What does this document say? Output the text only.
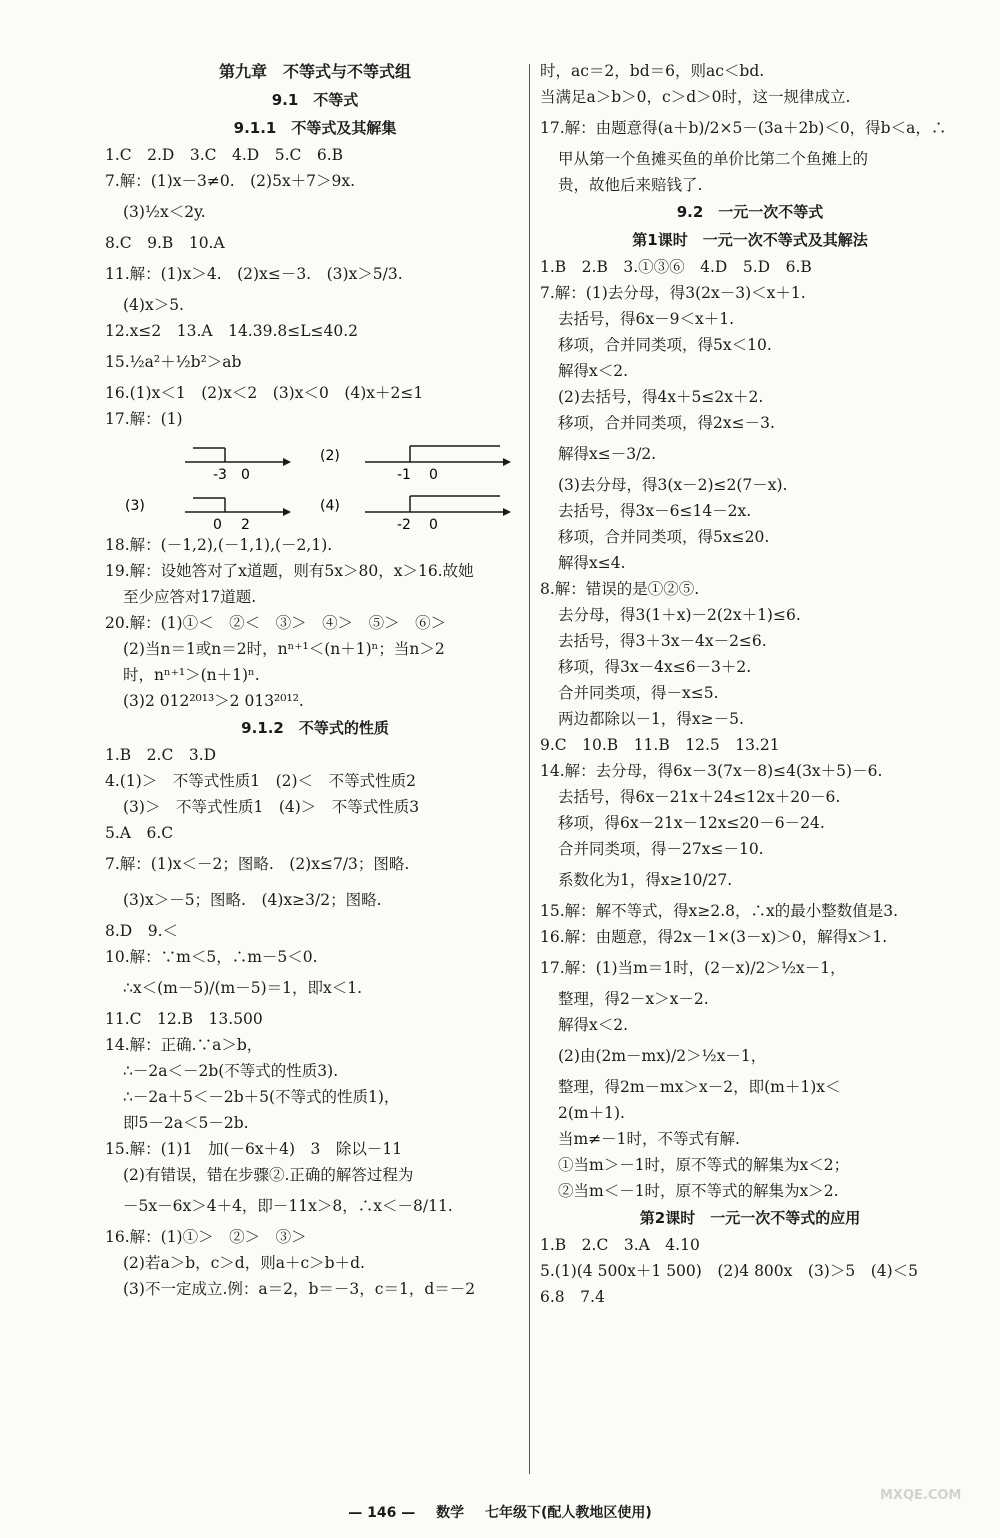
第九章　不等式与不等式组
9.1　不等式
9.1.1　不等式及其解集
1.C　2.D　3.C　4.D　5.C　6.B
7.解：(1)x－3≠0.　(2)5x＋7＞9x.
(3)½x＜2y.
8.C　9.B　10.A
11.解：(1)x＞4.　(2)x≤－3.　(3)x＞5/3.
(4)x＞5.
12.x≤2　13.A　14.39.8≤L≤40.2
15.½a²＋½b²＞ab
16.(1)x＜1　(2)x＜2　(3)x＜0　(4)x＋2≤1
17.解：(1)
-3 0
(2)
-1 0
(3)
0 2
(4)
-2 0
18.解：(－1,2),(－1,1),(－2,1).
19.解：设她答对了x道题，则有5x＞80，x＞16.故她
至少应答对17道题.
20.解：(1)①＜　②＜　③＞　④＞　⑤＞　⑥＞
(2)当n＝1或n＝2时，nⁿ⁺¹＜(n＋1)ⁿ；当n＞2
时，nⁿ⁺¹＞(n＋1)ⁿ.
(3)2 012²⁰¹³＞2 013²⁰¹².
9.1.2　不等式的性质
1.B　2.C　3.D
4.(1)＞　不等式性质1　(2)＜　不等式性质2
(3)＞　不等式性质1　(4)＞　不等式性质3
5.A　6.C
7.解：(1)x＜－2；图略.　(2)x≤7/3；图略.
(3)x＞－5；图略.　(4)x≥3/2；图略.
8.D　9.＜
10.解：∵m＜5，∴m－5＜0.
∴x＜(m－5)/(m－5)＝1，即x＜1.
11.C　12.B　13.500
14.解：正确.∵a＞b，
∴－2a＜－2b(不等式的性质3).
∴－2a＋5＜－2b＋5(不等式的性质1)，
即5－2a＜5－2b.
15.解：(1)1　加(－6x＋4)　3　除以－11
(2)有错误，错在步骤②.正确的解答过程为
－5x－6x＞4＋4，即－11x＞8，∴x＜－8/11.
16.解：(1)①＞　②＞　③＞
(2)若a＞b，c＞d，则a＋c＞b＋d.
(3)不一定成立.例：a＝2，b＝－3，c＝1，d＝－2
时，ac＝2，bd＝6，则ac＜bd.
当满足a＞b＞0，c＞d＞0时，这一规律成立.
17.解：由题意得(a＋b)/2×5－(3a＋2b)＜0，得b＜a，∴
甲从第一个鱼摊买鱼的单价比第二个鱼摊上的
贵，故他后来赔钱了.
9.2　一元一次不等式
第1课时　一元一次不等式及其解法
1.B　2.B　3.①③⑥　4.D　5.D　6.B
7.解：(1)去分母，得3(2x－3)＜x＋1.
去括号，得6x－9＜x＋1.
移项，合并同类项，得5x＜10.
解得x＜2.
(2)去括号，得4x＋5≤2x＋2.
移项，合并同类项，得2x≤－3.
解得x≤－3/2.
(3)去分母，得3(x－2)≤2(7－x).
去括号，得3x－6≤14－2x.
移项，合并同类项，得5x≤20.
解得x≤4.
8.解：错误的是①②⑤.
去分母，得3(1＋x)－2(2x＋1)≤6.
去括号，得3＋3x－4x－2≤6.
移项，得3x－4x≤6－3＋2.
合并同类项，得－x≤5.
两边都除以－1，得x≥－5.
9.C　10.B　11.B　12.5　13.21
14.解：去分母，得6x－3(7x－8)≤4(3x＋5)－6.
去括号，得6x－21x＋24≤12x＋20－6.
移项，得6x－21x－12x≤20－6－24.
合并同类项，得－27x≤－10.
系数化为1，得x≥10/27.
15.解：解不等式，得x≥2.8，∴x的最小整数值是3.
16.解：由题意，得2x－1×(3－x)＞0，解得x＞1.
17.解：(1)当m＝1时，(2－x)/2＞½x－1，
整理，得2－x＞x－2.
解得x＜2.
(2)由(2m－mx)/2＞½x－1，
整理，得2m－mx＞x－2，即(m＋1)x＜
2(m＋1).
当m≠－1时，不等式有解.
①当m＞－1时，原不等式的解集为x＜2；
②当m＜－1时，原不等式的解集为x＞2.
第2课时　一元一次不等式的应用
1.B　2.C　3.A　4.10
5.(1)(4 500x＋1 500)　(2)4 800x　(3)＞5　(4)＜5
6.8　7.4
— 146 — 数学 七年级下(配人教地区使用)
MXQE.COM
